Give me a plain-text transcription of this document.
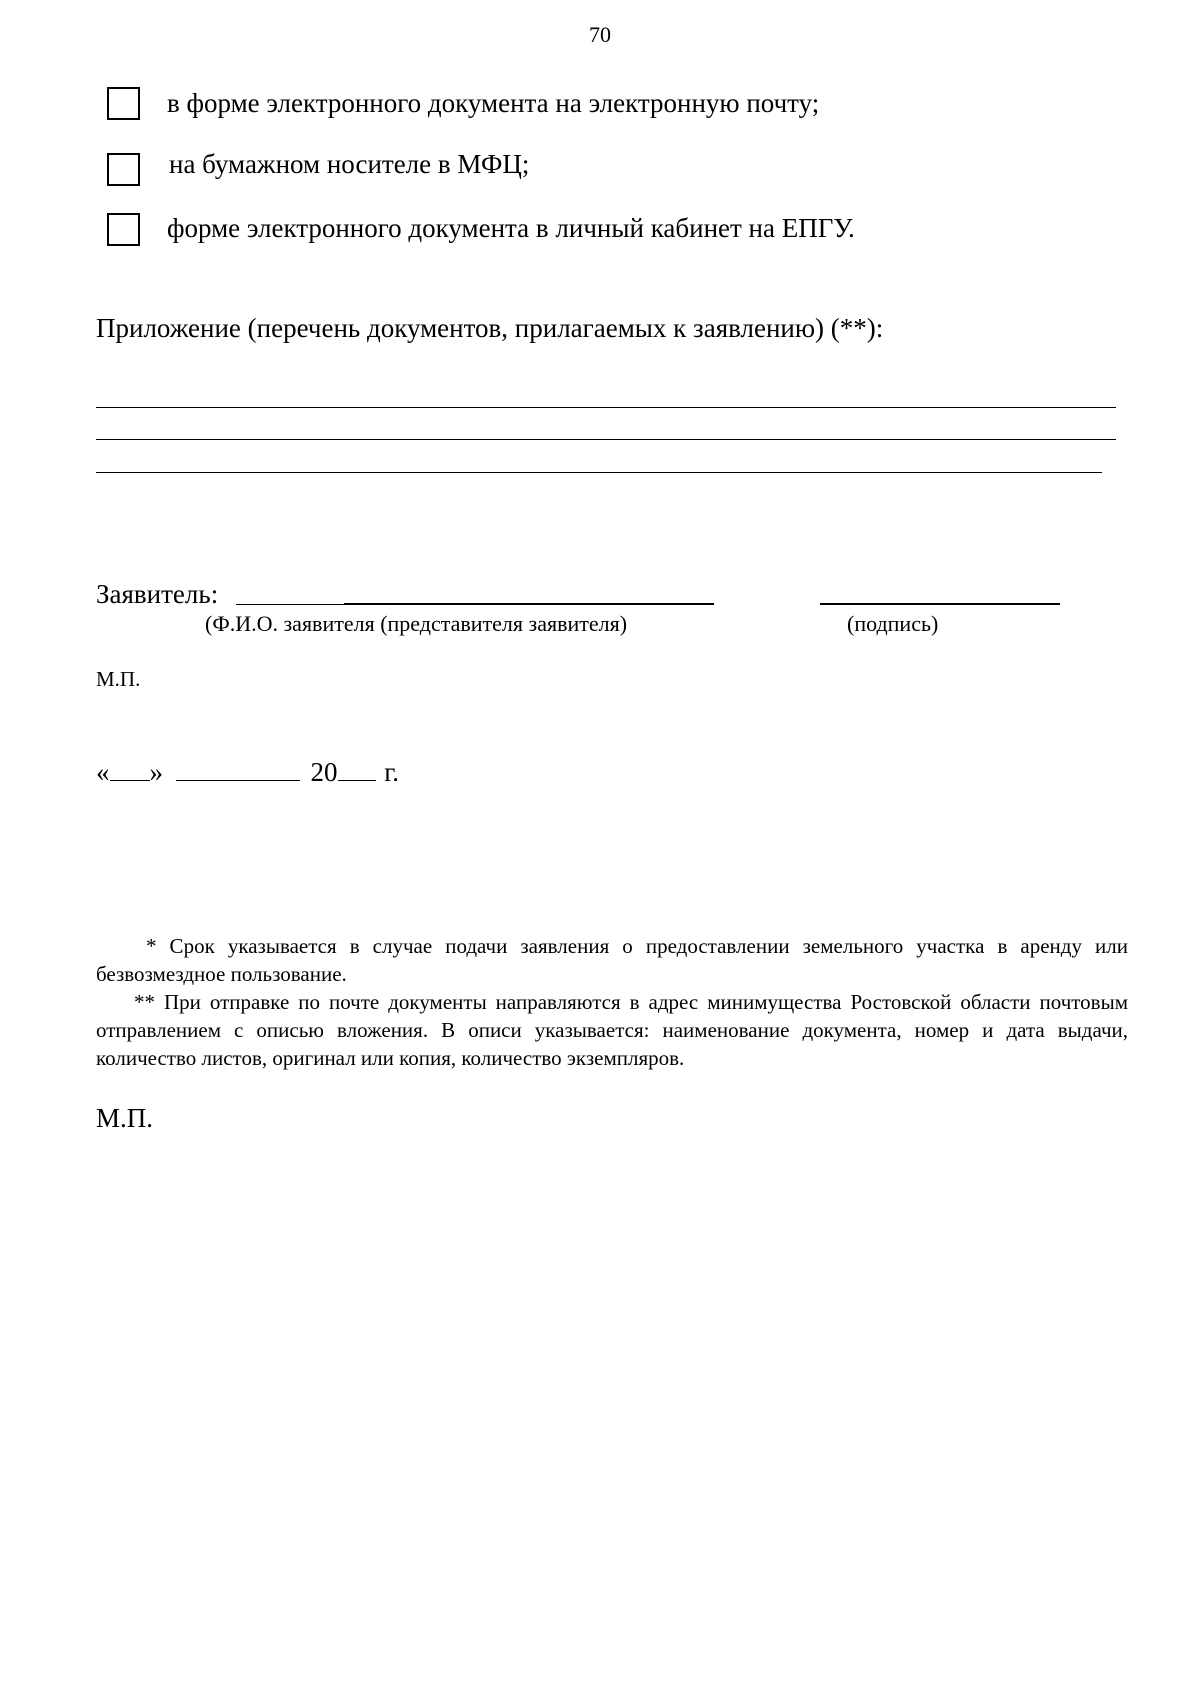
70
в форме электронного документа на электронную почту;
на бумажном носителе в МФЦ;
форме электронного документа в личный кабинет на ЕПГУ.
Приложение (перечень документов, прилагаемых к заявлению) (**):
Заявитель:
(Ф.И.О. заявителя (представителя заявителя)	(подпись)
М.П.
« »	20 г.

* Срок указывается в случае подачи заявления о предоставлении земельного участка в аренду или безвозмездное пользование.

** При отправке по почте документы направляются в адрес минимущества Ростовской области почтовым отправлением с описью вложения. В описи указывается: наименование документа, номер и дата выдачи, количество листов, оригинал или копия, количество экземпляров.

М.П.
